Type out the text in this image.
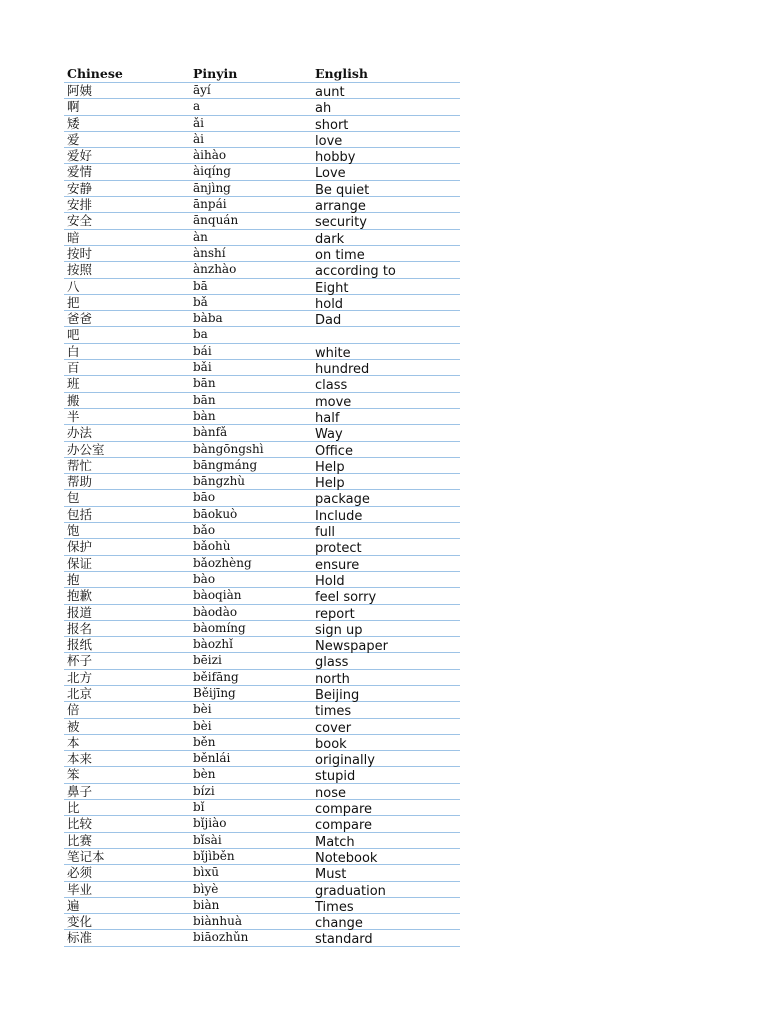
Chinese	Pinyin	English
阿姨	āyí	aunt
啊	a	ah
矮	ǎi	short
爱	ài	love
爱好	àihào	hobby
爱情	àiqíng	Love
安静	ānjìng	Be quiet
安排	ānpái	arrange
安全	ānquán	security
暗	àn	dark
按时	ànshí	on time
按照	ànzhào	according to
八	bā	Eight
把	bǎ	hold
爸爸	bàba	Dad
吧	ba
白	bái	white
百	bǎi	hundred
班	bān	class
搬	bān	move
半	bàn	half
办法	bànfǎ	Way
办公室	bàngōngshì	Office
帮忙	bāngmáng	Help
帮助	bāngzhù	Help
包	bāo	package
包括	bāokuò	Include
饱	bǎo	full
保护	bǎohù	protect
保证	bǎozhèng	ensure
抱	bào	Hold
抱歉	bàoqiàn	feel sorry
报道	bàodào	report
报名	bàomíng	sign up
报纸	bàozhǐ	Newspaper
杯子	bēizi	glass
北方	běifāng	north
北京	Běijīng	Beijing
倍	bèi	times
被	bèi	cover
本	běn	book
本来	běnlái	originally
笨	bèn	stupid
鼻子	bízi	nose
比	bǐ	compare
比较	bǐjiào	compare
比赛	bǐsài	Match
笔记本	bǐjìběn	Notebook
必须	bìxū	Must
毕业	bìyè	graduation
遍	biàn	Times
变化	biànhuà	change
标准	biāozhǔn	standard
